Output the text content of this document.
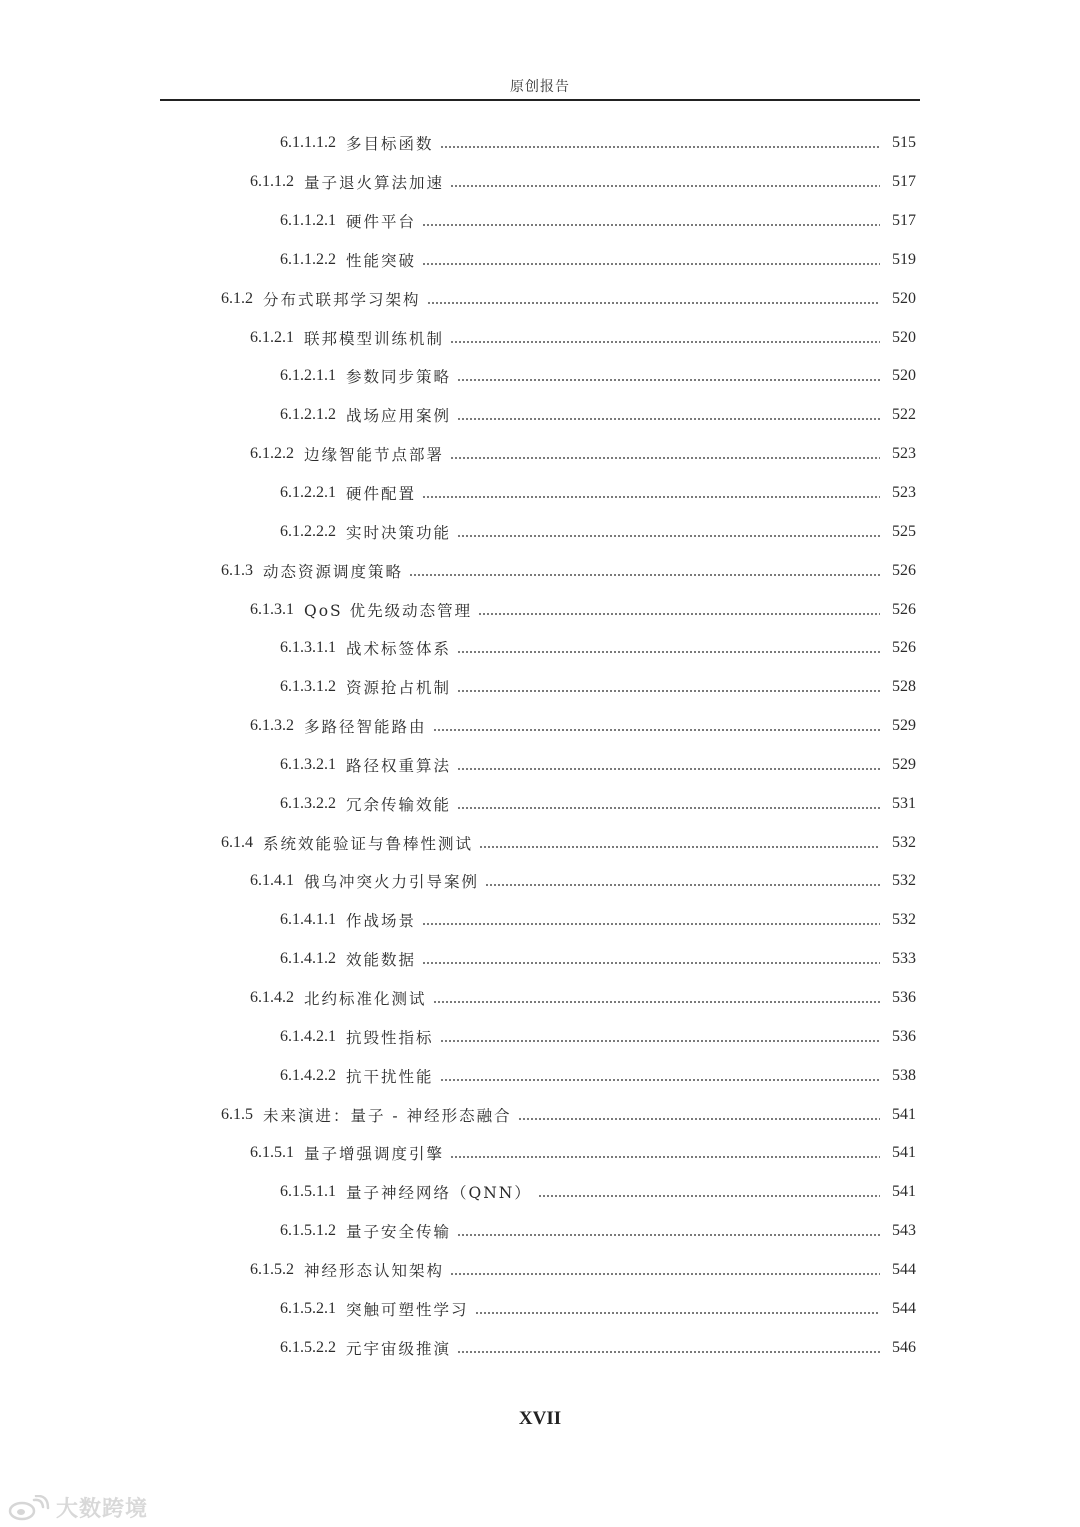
原创报告
6.1.1.1.2 多目标函数	515
6.1.1.2 量子退火算法加速	517
6.1.1.2.1 硬件平台	517
6.1.1.2.2 性能突破	519
6.1.2 分布式联邦学习架构	520
6.1.2.1 联邦模型训练机制	520
6.1.2.1.1 参数同步策略	520
6.1.2.1.2 战场应用案例	522
6.1.2.2 边缘智能节点部署	523
6.1.2.2.1 硬件配置	523
6.1.2.2.2 实时决策功能	525
6.1.3 动态资源调度策略	526
6.1.3.1 QoS 优先级动态管理	526
6.1.3.1.1 战术标签体系	526
6.1.3.1.2 资源抢占机制	528
6.1.3.2 多路径智能路由	529
6.1.3.2.1 路径权重算法	529
6.1.3.2.2 冗余传输效能	531
6.1.4 系统效能验证与鲁棒性测试	532
6.1.4.1 俄乌冲突火力引导案例	532
6.1.4.1.1 作战场景	532
6.1.4.1.2 效能数据	533
6.1.4.2 北约标准化测试	536
6.1.4.2.1 抗毁性指标	536
6.1.4.2.2 抗干扰性能	538
6.1.5 未来演进：量子 - 神经形态融合	541
6.1.5.1 量子增强调度引擎	541
6.1.5.1.1 量子神经网络（QNN）	541
6.1.5.1.2 量子安全传输	543
6.1.5.2 神经形态认知架构	544
6.1.5.2.1 突触可塑性学习	544
6.1.5.2.2 元宇宙级推演	546
XVII
大数跨境
